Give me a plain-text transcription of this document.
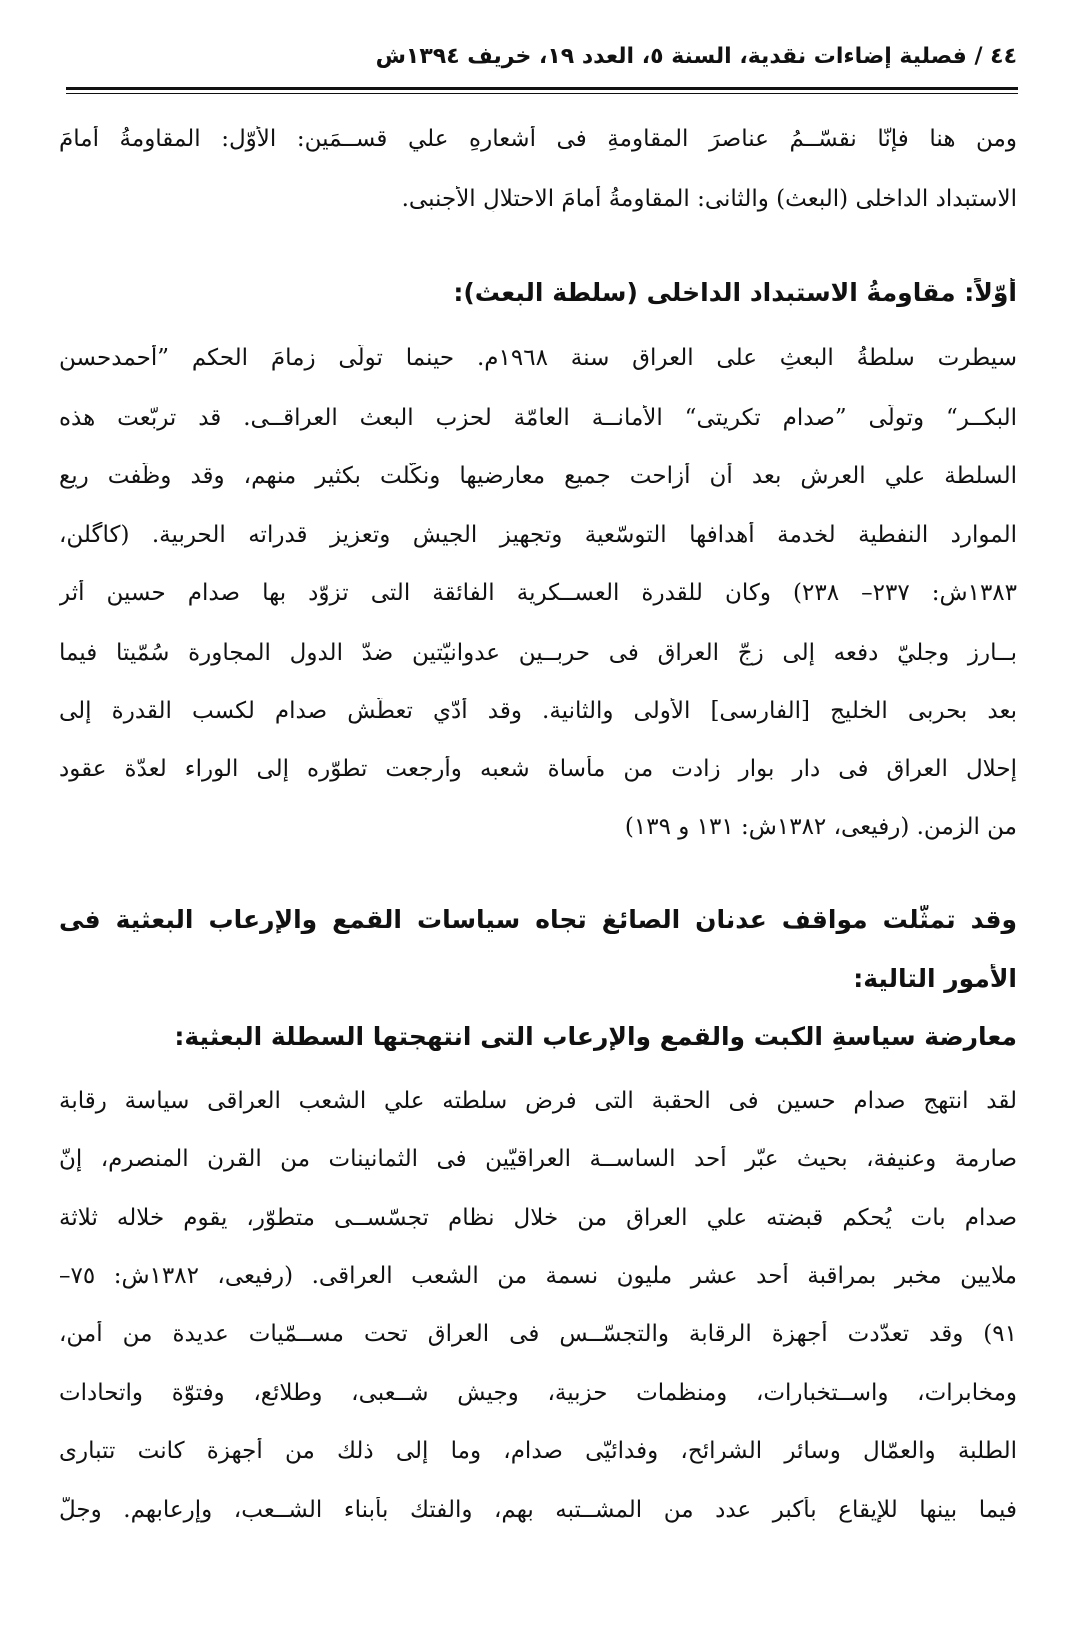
٤٤ / فصلية إضاءات نقدية، السنة ٥، العدد ١٩، خريف ١٣٩٤ش
ومن هنا فإنّا نقسّــمُ عناصرَ المقاومةِ فى أشعارهِ علي قســمَين: الأوّل: المقاومةُ أمامَ
الاستبداد الداخلى (البعث) والثانى: المقاومةُ أمامَ الاحتلالِ الأجنبى.
أوّلاً: مقاومةُ الاستبداد الداخلى (سلطة البعث):
سيطرت سلطةُ البعثِ على العراق سنة ١٩٦٨م. حينما تولّى زمامَ الحكم ”أحمدحسن
البكــر“ وتولّى ”صدام تكريتى“ الأمانــة العامّة لحزب البعث العراقــى. قد تربّعت هذه
السلطة علي العرش بعد أن أزاحت جميع معارضيها ونكّلت بكثير منهم، وقد وظّفت ريع
الموارد النفطية لخدمة أهدافها التوسّعية وتجهيز الجيش وتعزيز قدراته الحربية. (كاگلن،
١٣٨٣ش: ٢٣٧– ٢٣٨) وكان للقدرة العســكرية الفائقة التى تزوّد بها صدام حسين أثر
بــارز وجليّ دفعه إلى زجّ العراق فى حربــين عدوانيّتين ضدّ الدول المجاورة سُمّيتا فيما
بعد بحربى الخليج [الفارسى] الأولى والثانية. وقد أدّي تعطّش صدام لكسب القدرة إلى
إحلال العراق فى دار بوار زادت من مأساة شعبه وأرجعت تطوّره إلى الوراء لعدّة عقود
من الزمن. (رفيعى، ١٣٨٢ش: ١٣١ و ١٣٩)
وقد تمثّلت مواقف عدنان الصائغ تجاه سياسات القمع والإرعاب البعثية فى
الأمور التالية:
معارضة سياسةِ الكبت والقمع والإرعاب التى انتهجتها السطلة البعثية:
لقد انتهج صدام حسين فى الحقبة التى فرض سلطته علي الشعب العراقى سياسة رقابة
صارمة وعنيفة، بحيث عبّر أحد الساســة العراقيّين فى الثمانينات من القرن المنصرم، إنّ
صدام بات يُحكم قبضته علي العراق من خلال نظام تجسّســى متطوّر، يقوم خلاله ثلاثة
ملايين مخبر بمراقبة أحد عشر مليون نسمة من الشعب العراقى. (رفيعى، ١٣٨٢ش: ٧٥–
٩١) وقد تعدّدت أجهزة الرقابة والتجسّــس فى العراق تحت مســمّيات عديدة من أمن،
ومخابرات، واســتخبارات، ومنظمات حزبية، وجيش شــعبى، وطلائع، وفتوّة واتحادات
الطلبة والعمّال وسائر الشرائح، وفدائيّى صدام، وما إلى ذلك من أجهزة كانت تتبارى
فيما بينها للإيقاع بأكبر عدد من المشــتبه بهم، والفتك بأبناء الشــعب، وإرعابهم. وجلّ
